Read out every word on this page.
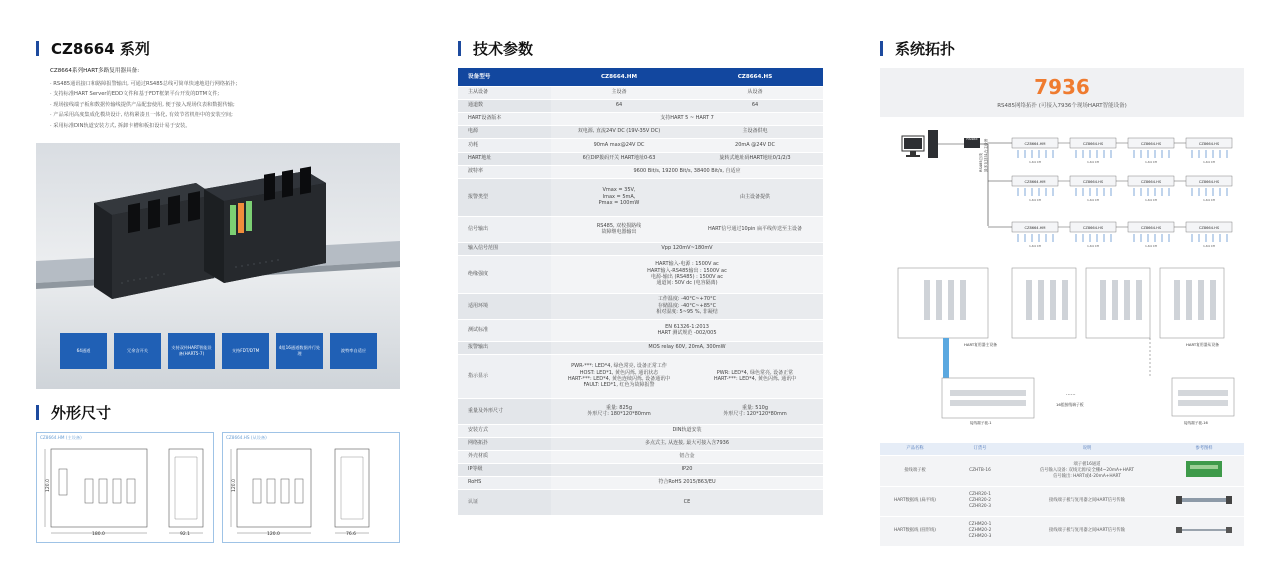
CZ8664 系列
CZ8664系列HART多路复用器具备:
· RS485通讯接口和路障报警输出, 可通过RS485总线可简单快速地进行网络拓扑;
· 支持标准HART Server的EDD文件和基于FDT框架平台开发的DTM文件;
· 现场接线端子板和数据传输线提供产品配套使用, 便于接入现场仪表和数据传输;
· 产品采用高度集成化模块设计, 结构紧凑且一体化, 有效节省机柜中的安装空间;
· 采用标准DIN轨道安装方式, 拆卸卡槽和板扣设计易于安装。
64通道	冗余含开关
支持双传HART智能设备(HART5-7)
支持FDT/DTM
4组16通道数据并行处理
波特率自适应
外形尺寸
CZ8664.HM (主设备)
120.0
180.0	92.1
CZ8664.HS (从设备)
120.0
120.0	76.6
技术参数
设备型号	CZ8664.HM	CZ8664.HS
主从设备	主设备	从设备
通道数	64	64
HART设备版本	支持HART 5 ~ HART 7	
电源	双电源, 直流24V DC (19V-35V DC)	主设备供电
功耗	90mA max@24V DC	20mA @24V DC
HART地址	6位DIP拨码开关 HART地址0-63	旋转式地址码HART地址0/1/2/3
波特率	9600 Bit/s, 19200 Bit/s, 38400 Bit/s, 自适应	
报警类型	Vmax = 35V,
Imax = 5mA,
Pmax = 100mW	由主设备提供
信号输出	RS485, 双校损路线
故障继电器输出	HART信号通过10pin 扁平线传送至主设备
输入信号范围	Vpp 120mV~180mV	
绝缘强度	HART输入-电源 : 1500V ac
HART输入-RS485输出 : 1500V ac
电源-输出 (RS485) : 1500V ac
通道间: 50V dc (电容隔离)	
适用环境	工作温度: -40°C~+70°C
存储温度: -40°C~+85°C
相对湿度: 5~95 %, 非凝结	
测试标准	EN 61326-1:2013
HART 测试规范 -002/005	
报警输出	MOS relay 60V, 20mA, 300mW	
指示显示	PWR-***: LED*4, 绿色常亮, 设备正常工作
HOST: LED*1, 黄色闪烁, 通讯状态
HART-***: LED*4, 黄色连续闪烁, 设备通讯中
FAULT: LED*1, 红色为故障报警	PWR: LED*4, 绿色常亮, 设备正常
HART-***: LED*4, 黄色闪烁, 通讯中
重量及外形尺寸	重量: 825g
外形尺寸: 180*120*80mm	重量: 510g
外形尺寸: 120*120*80mm
安装方式	DIN轨道安装	
网络拓扑	多点式主, 从连接, 最大可接入含7936	
外壳材质	铝合金	
IP等级	IP20	
RoHS	符合RoHS 2015/863/EU	
认证	CE	
系统拓扑
7936
RS485网络拓扑 (可接入7936个现场HART智能设备)
CZ8664.HM
1-64 CH
CZ8664.HS
1-64 CH
CZ8664.HS
1-64 CH
CZ8664.HS
1-64 CH
CZ8664.HM
1-64 CH
CZ8664.HS
1-64 CH
CZ8664.HS
1-64 CH
CZ8664.HS
1-64 CH
CZ8664.HM
1-64 CH
CZ8664.HS
1-64 CH
CZ8664.HS
1-64 CH
CZ8664.HS
1-64 CH
USB转RS485
RS485总线
最多支持31台主设备
HART复用器主设备	HART复用器从设备
......
16组接线端子板
接线端子板-1	接线端子板-16
产品名称	订货号	说明	参考图样
接线端子板	CZHTB-16	端子板16通道
信号输入设备: 双线无源/安全栅4~20mA+HART
信号输出: HART或4-20mA+HART	
HART数据线 (扁平线)	CZHR20-1
CZHR20-2
CZHR20-3	接线端子板与复用器之间HART信号传输	
HART数据线 (圆形线)	CZHM20-1
CZHM20-2
CZHM20-3	接线端子板与复用器之间HART信号传输	
